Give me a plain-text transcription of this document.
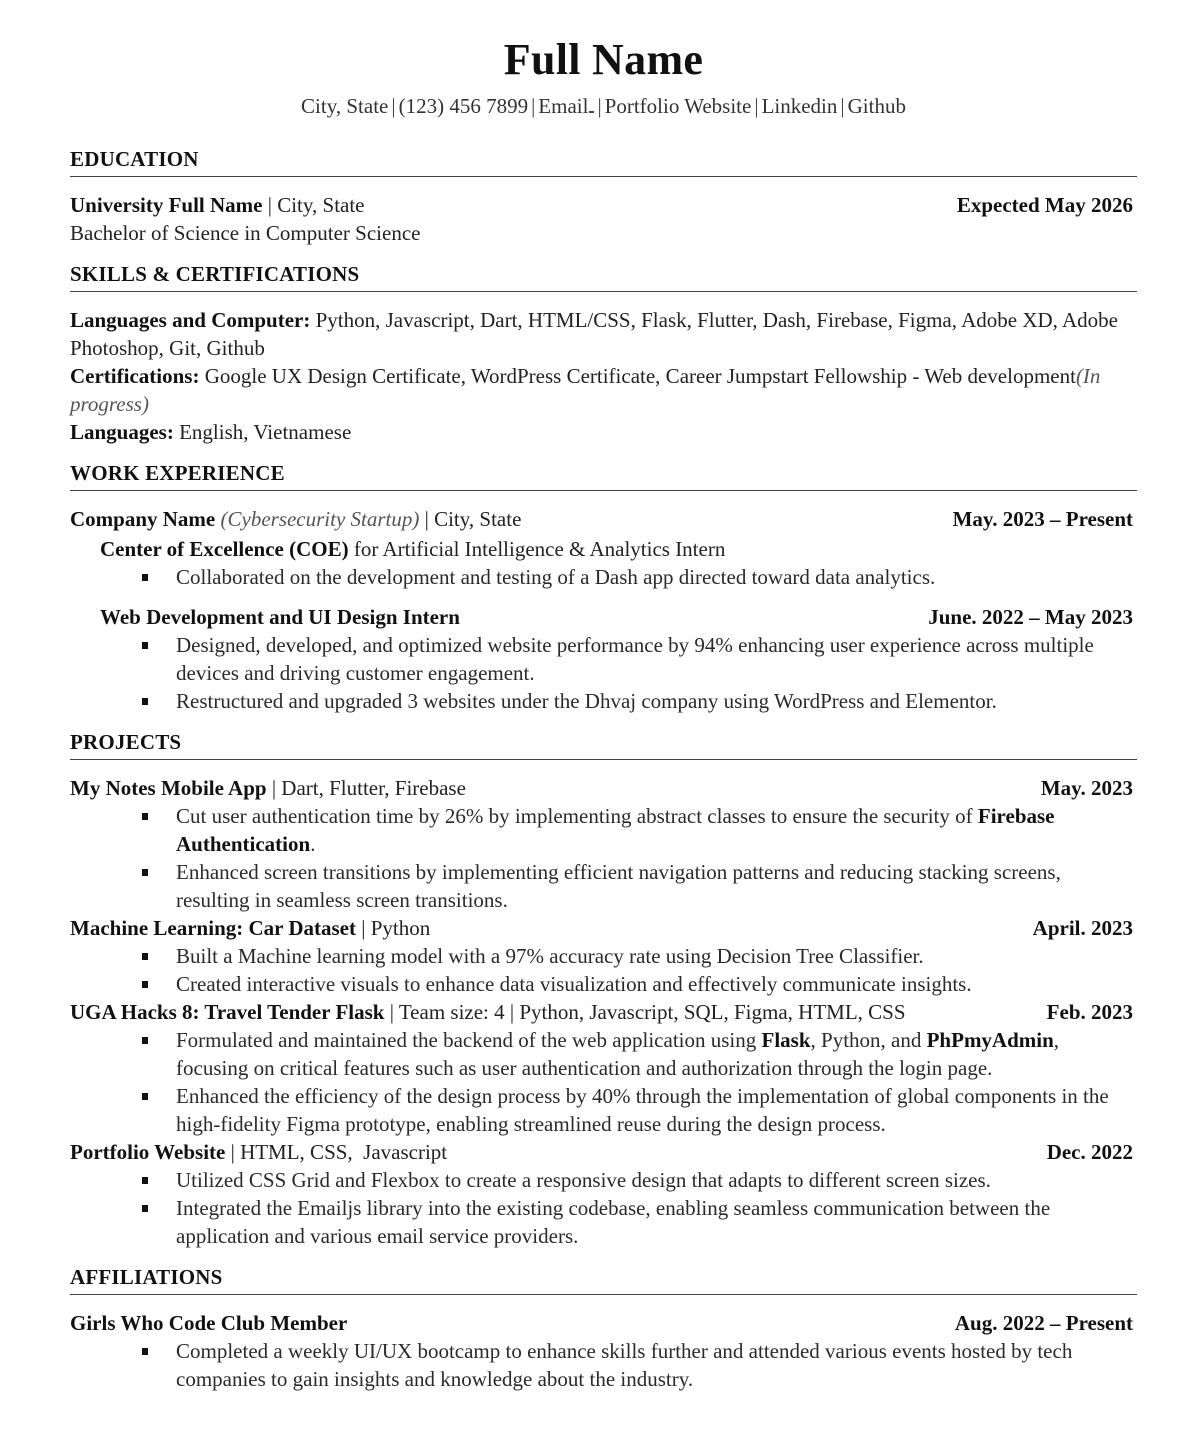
Full Name
City, State | (123) 456 7899 | Email | Portfolio Website | Linkedin | Github
EDUCATION
University Full Name | City, State	Expected May 2026
Bachelor of Science in Computer Science
SKILLS & CERTIFICATIONS
Languages and Computer: Python, Javascript, Dart, HTML/CSS, Flask, Flutter, Dash, Firebase, Figma, Adobe XD, Adobe Photoshop, Git, Github
Certifications: Google UX Design Certificate, WordPress Certificate, Career Jumpstart Fellowship - Web development(In progress)
Languages: English, Vietnamese
WORK EXPERIENCE
Company Name (Cybersecurity Startup) | City, State	May. 2023 – Present
Center of Excellence (COE) for Artificial Intelligence & Analytics Intern
Collaborated on the development and testing of a Dash app directed toward data analytics.
Web Development and UI Design Intern	June. 2022 – May 2023
Designed, developed, and optimized website performance by 94% enhancing user experience across multiple devices and driving customer engagement.
Restructured and upgraded 3 websites under the Dhvaj company using WordPress and Elementor.
PROJECTS
My Notes Mobile App | Dart, Flutter, Firebase	May. 2023
Cut user authentication time by 26% by implementing abstract classes to ensure the security of Firebase Authentication.
Enhanced screen transitions by implementing efficient navigation patterns and reducing stacking screens, resulting in seamless screen transitions.
Machine Learning: Car Dataset | Python	April. 2023
Built a Machine learning model with a 97% accuracy rate using Decision Tree Classifier.
Created interactive visuals to enhance data visualization and effectively communicate insights.
UGA Hacks 8: Travel Tender Flask | Team size: 4 | Python, Javascript, SQL, Figma, HTML, CSS	Feb. 2023
Formulated and maintained the backend of the web application using Flask, Python, and PhPmyAdmin, focusing on critical features such as user authentication and authorization through the login page.
Enhanced the efficiency of the design process by 40% through the implementation of global components in the high-fidelity Figma prototype, enabling streamlined reuse during the design process.
Portfolio Website | HTML, CSS,  Javascript	Dec. 2022
Utilized CSS Grid and Flexbox to create a responsive design that adapts to different screen sizes.
Integrated the Emailjs library into the existing codebase, enabling seamless communication between the application and various email service providers.
AFFILIATIONS
Girls Who Code Club Member	Aug. 2022 – Present
Completed a weekly UI/UX bootcamp to enhance skills further and attended various events hosted by tech companies to gain insights and knowledge about the industry.
